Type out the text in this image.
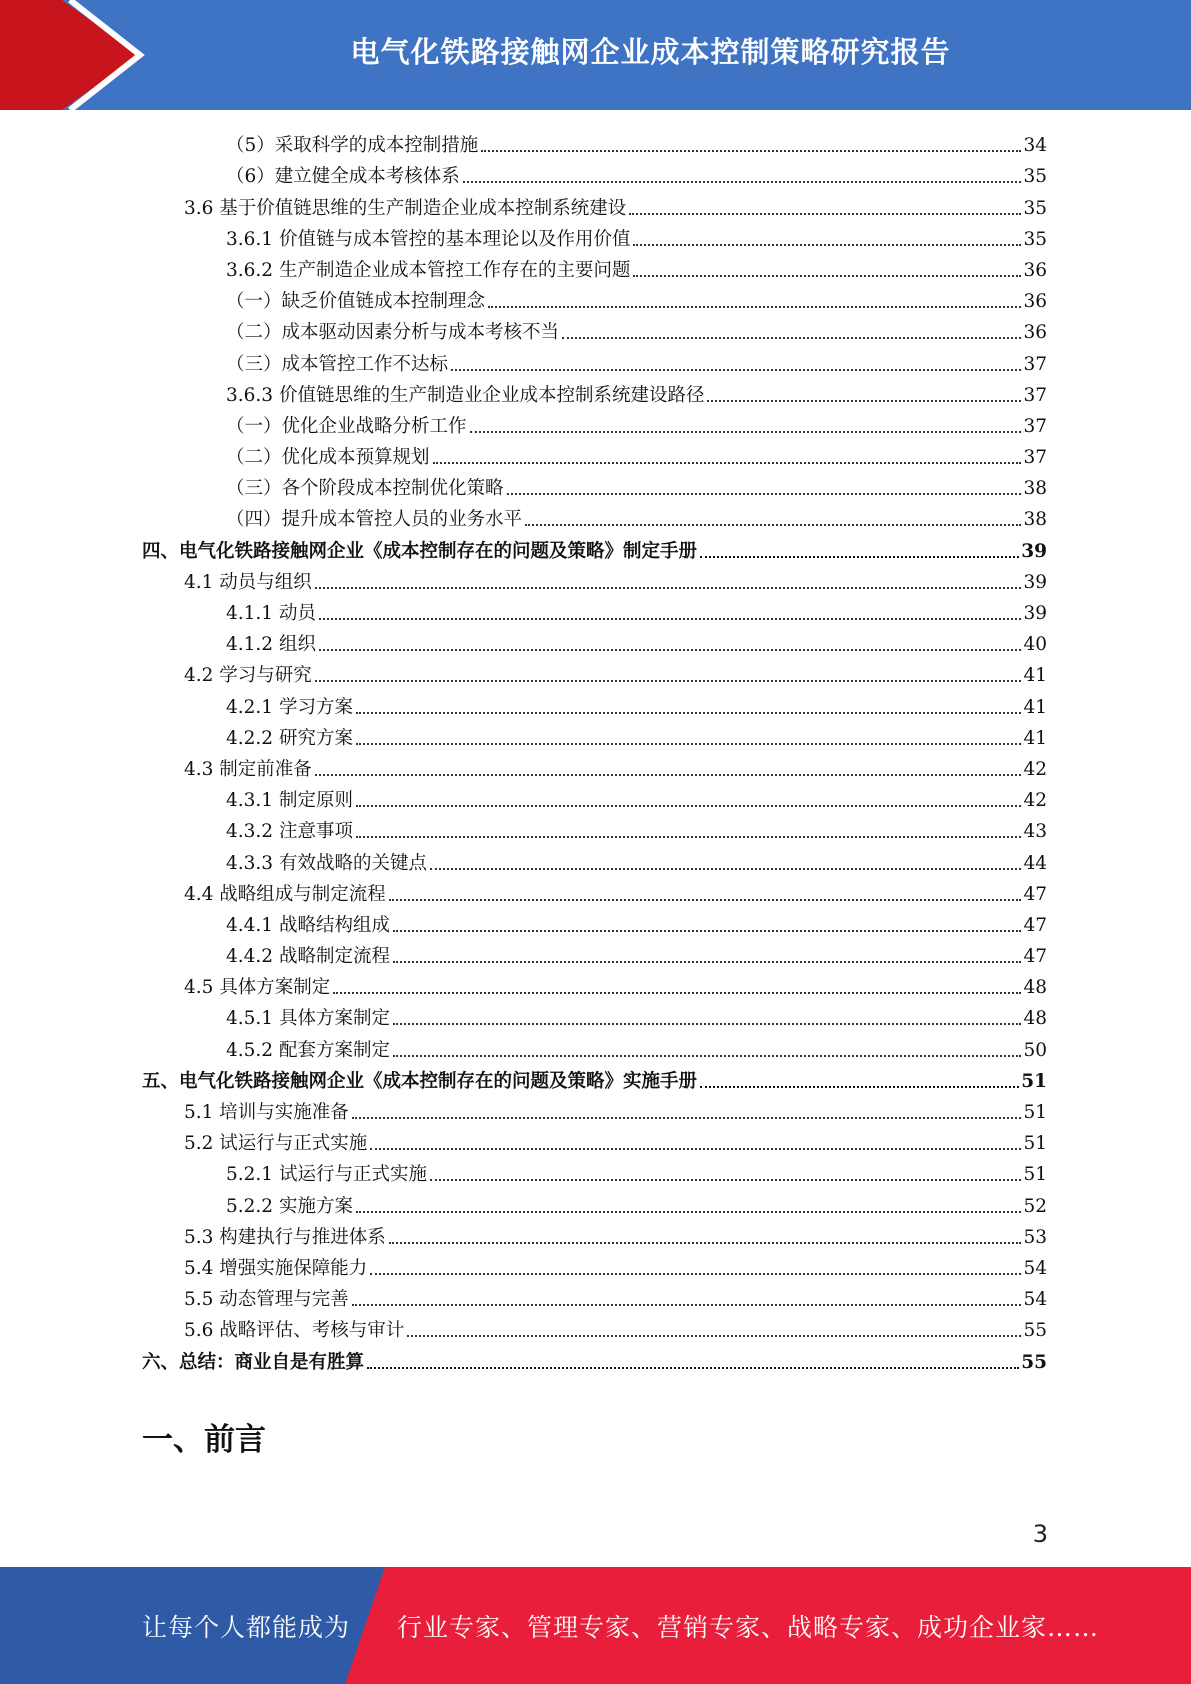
电气化铁路接触网企业成本控制策略研究报告
（5）采取科学的成本控制措施	34
（6）建立健全成本考核体系	35
3.6 基于价值链思维的生产制造企业成本控制系统建设	35
3.6.1 价值链与成本管控的基本理论以及作用价值	35
3.6.2 生产制造企业成本管控工作存在的主要问题	36
（一）缺乏价值链成本控制理念	36
（二）成本驱动因素分析与成本考核不当	36
（三）成本管控工作不达标	37
3.6.3 价值链思维的生产制造业企业成本控制系统建设路径	37
（一）优化企业战略分析工作	37
（二）优化成本预算规划	37
（三）各个阶段成本控制优化策略	38
（四）提升成本管控人员的业务水平	38
四、电气化铁路接触网企业《成本控制存在的问题及策略》制定手册	39
4.1 动员与组织	39
4.1.1 动员	39
4.1.2 组织	40
4.2 学习与研究	41
4.2.1 学习方案	41
4.2.2 研究方案	41
4.3 制定前准备	42
4.3.1 制定原则	42
4.3.2 注意事项	43
4.3.3 有效战略的关键点	44
4.4 战略组成与制定流程	47
4.4.1 战略结构组成	47
4.4.2 战略制定流程	47
4.5 具体方案制定	48
4.5.1 具体方案制定	48
4.5.2 配套方案制定	50
五、电气化铁路接触网企业《成本控制存在的问题及策略》实施手册	51
5.1 培训与实施准备	51
5.2 试运行与正式实施	51
5.2.1 试运行与正式实施	51
5.2.2 实施方案	52
5.3 构建执行与推进体系	53
5.4 增强实施保障能力	54
5.5 动态管理与完善	54
5.6 战略评估、考核与审计	55
六、总结：商业自是有胜算	55
一、前言
3
让每个人都能成为 行业专家、管理专家、营销专家、战略专家、成功企业家……
